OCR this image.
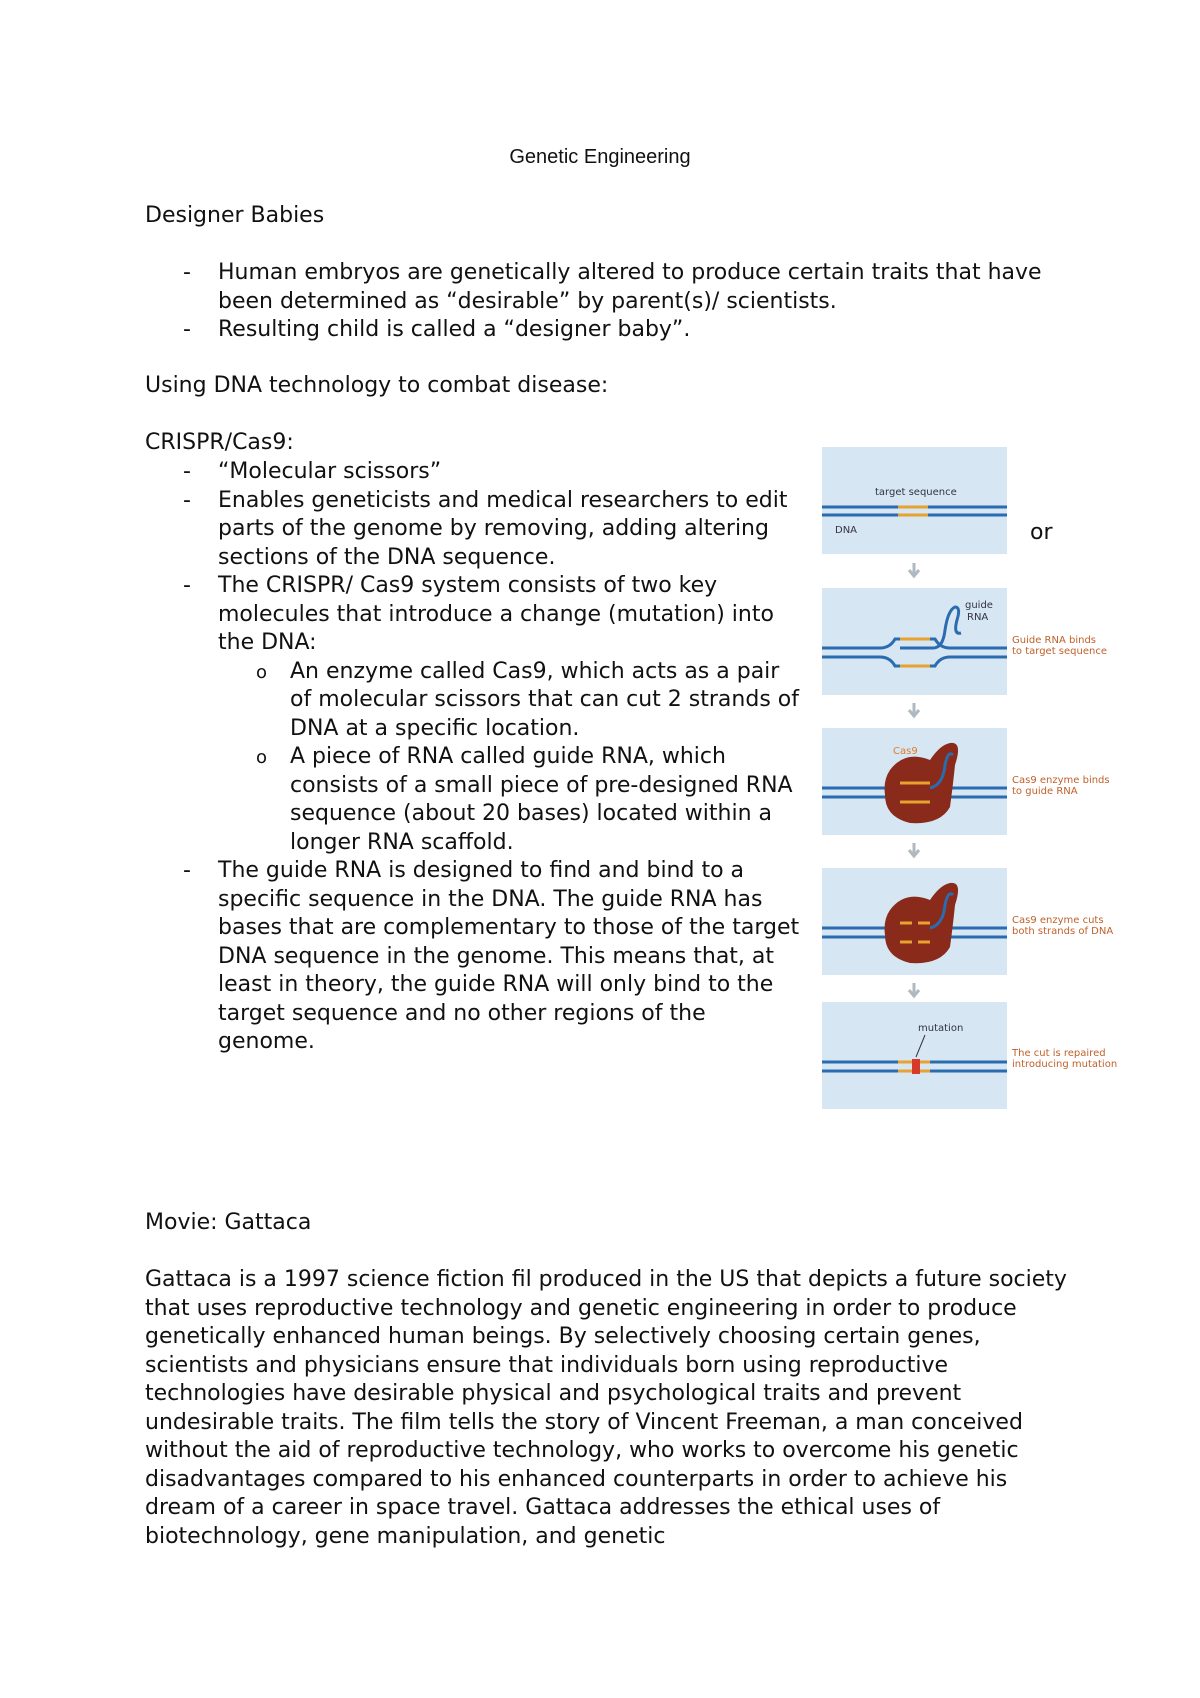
Genetic Engineering
Designer Babies
- Human embryos are genetically altered to produce certain traits that have been determined as “desirable” by parent(s)/ scientists.
- Resulting child is called a “designer baby”.
Using DNA technology to combat disease:
CRISPR/Cas9:
- “Molecular scissors”
- Enables geneticists and medical researchers to edit parts of the genome by removing, adding altering sections of the DNA sequence.
- The CRISPR/ Cas9 system consists of two key molecules that introduce a change (mutation) into the DNA:
o An enzyme called Cas9, which acts as a pair of molecular scissors that can cut 2 strands of DNA at a specific location.
o A piece of RNA called guide RNA, which consists of a small piece of pre-designed RNA sequence (about 20 bases) located within a longer RNA scaffold.
- The guide RNA is designed to find and bind to a specific sequence in the DNA. The guide RNA has bases that are complementary to those of the target DNA sequence in the genome. This means that, at least in theory, the guide RNA will only bind to the target sequence and no other regions of the genome.
or
target sequence
DNA
guide
RNA
Guide RNA binds
to target sequence
Cas9
Cas9 enzyme binds
to guide RNA
Cas9 enzyme cuts
both strands of DNA
mutation
The cut is repaired
introducing mutation
Movie: Gattaca

Gattaca is a 1997 science fiction fil produced in the US that depicts a future society that uses reproductive technology and genetic engineering in order to produce genetically enhanced human beings. By selectively choosing certain genes, scientists and physicians ensure that individuals born using reproductive technologies have desirable physical and psychological traits and prevent undesirable traits. The film tells the story of Vincent Freeman, a man conceived without the aid of reproductive technology, who works to overcome his genetic disadvantages compared to his enhanced counterparts in order to achieve his dream of a career in space travel. Gattaca addresses the ethical uses of biotechnology, gene manipulation, and genetic
